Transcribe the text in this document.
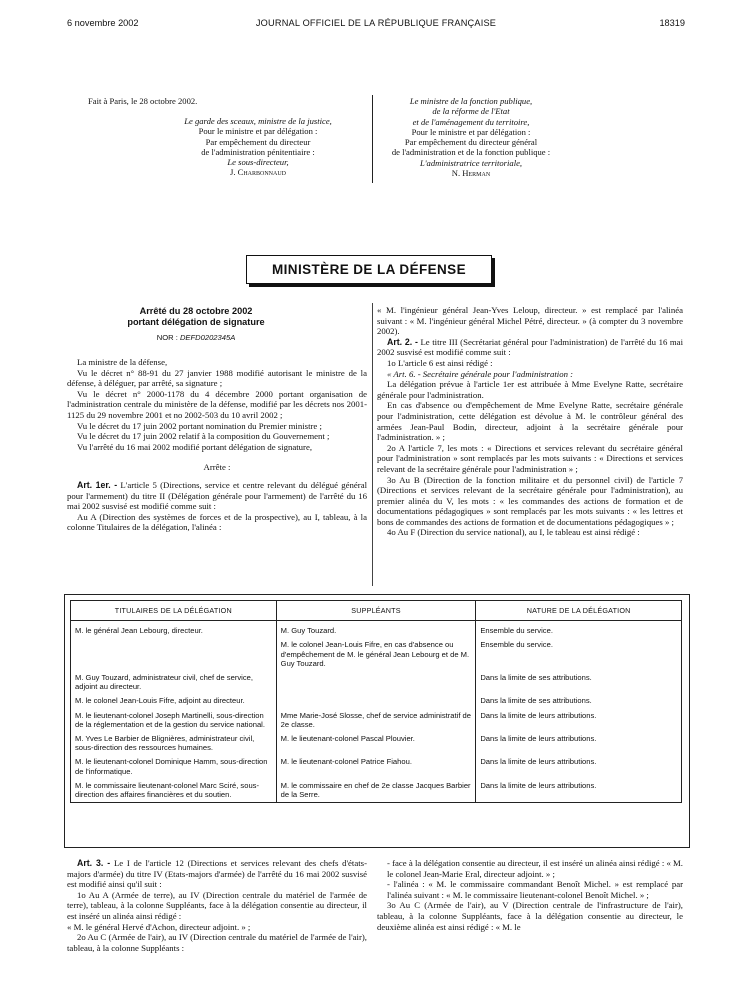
6 novembre 2002	JOURNAL OFFICIEL DE LA RÉPUBLIQUE FRANÇAISE	18319
Fait à Paris, le 28 octobre 2002.
Le garde des sceaux, ministre de la justice,
Pour le ministre et par délégation :
Par empêchement du directeur
de l'administration pénitentiaire :
Le sous-directeur,
J. Charbonnaud
Le ministre de la fonction publique,
de la réforme de l'Etat
et de l'aménagement du territoire,
Pour le ministre et par délégation :
Par empêchement du directeur général
de l'administration et de la fonction publique :
L'administratrice territoriale,
N. Herman
MINISTÈRE DE LA DÉFENSE
Arrêté du 28 octobre 2002
portant délégation de signature
NOR : DEFD0202345A

La ministre de la défense,

Vu le décret n° 88-91 du 27 janvier 1988 modifié autorisant le ministre de la défense, à déléguer, par arrêté, sa signature ;

Vu le décret n° 2000-1178 du 4 décembre 2000 portant organisation de l'administration centrale du ministère de la défense, modifié par les décrets nos 2001-1125 du 29 novembre 2001 et no 2002-503 du 10 avril 2002 ;

Vu le décret du 17 juin 2002 portant nomination du Premier ministre ;

Vu le décret du 17 juin 2002 relatif à la composition du Gouvernement ;

Vu l'arrêté du 16 mai 2002 modifié portant délégation de signature,

Arrête :

Art. 1er. - L'article 5 (Directions, service et centre relevant du délégué général pour l'armement) du titre II (Délégation générale pour l'armement) de l'arrêté du 16 mai 2002 susvisé est modifié comme suit :

Au A (Direction des systèmes de forces et de la prospective), au I, tableau, à la colonne Titulaires de la délégation, l'alinéa :

« M. l'ingénieur général Jean-Yves Leloup, directeur. » est remplacé par l'alinéa suivant : « M. l'ingénieur général Michel Pétré, directeur. » (à compter du 3 novembre 2002).

Art. 2. - Le titre III (Secrétariat général pour l'administration) de l'arrêté du 16 mai 2002 susvisé est modifié comme suit :

1o L'article 6 est ainsi rédigé :

« Art. 6. - Secrétaire générale pour l'administration :

La délégation prévue à l'article 1er est attribuée à Mme Evelyne Ratte, secrétaire générale pour l'administration.

En cas d'absence ou d'empêchement de Mme Evelyne Ratte, secrétaire générale pour l'administration, cette délégation est dévolue à M. le contrôleur général des armées Jean-Paul Bodin, directeur, adjoint à la secrétaire générale pour l'administration. » ;

2o A l'article 7, les mots : « Directions et services relevant du secrétaire général pour l'administration » sont remplacés par les mots suivants : « Directions et services relevant de la secrétaire générale pour l'administration » ;

3o Au B (Direction de la fonction militaire et du personnel civil) de l'article 7 (Directions et services relevant de la secrétaire générale pour l'administration), au premier alinéa du V, les mots : « les commandes des actions de formation et de documentations pédagogiques » sont remplacés par les mots suivants : « les lettres et bons de commandes des actions de formation et de documentations pédagogiques » ;

4o Au F (Direction du service national), au I, le tableau est ainsi rédigé :

TITULAIRES DE LA DÉLÉGATION	SUPPLÉANTS	NATURE DE LA DÉLÉGATION
M. le général Jean Lebourg, directeur.	M. Guy Touzard.	Ensemble du service.
	M. le colonel Jean-Louis Fifre, en cas d'absence ou d'empêchement de M. le général Jean Lebourg et de M. Guy Touzard.	Ensemble du service.
M. Guy Touzard, administrateur civil, chef de service, adjoint au directeur.		Dans la limite de ses attributions.
M. le colonel Jean-Louis Fifre, adjoint au directeur.		Dans la limite de ses attributions.
M. le lieutenant-colonel Joseph Martinelli, sous-direction de la réglementation et de la gestion du service national.	Mme Marie-José Slosse, chef de service administratif de 2e classe.	Dans la limite de leurs attributions.
M. Yves Le Barbier de Blignières, administrateur civil, sous-direction des ressources humaines.	M. le lieutenant-colonel Pascal Plouvier.	Dans la limite de leurs attributions.
M. le lieutenant-colonel Dominique Hamm, sous-direction de l'informatique.	M. le lieutenant-colonel Patrice Fiahou.	Dans la limite de leurs attributions.
M. le commissaire lieutenant-colonel Marc Sciré, sous-direction des affaires financières et du soutien.	M. le commissaire en chef de 2e classe Jacques Barbier de la Serre.	Dans la limite de leurs attributions.

Art. 3. - Le I de l'article 12 (Directions et services relevant des chefs d'états-majors d'armée) du titre IV (Etats-majors d'armée) de l'arrêté du 16 mai 2002 susvisé est modifié ainsi qu'il suit :

1o Au A (Armée de terre), au IV (Direction centrale du matériel de l'armée de terre), tableau, à la colonne Suppléants, face à la délégation consentie au directeur, il est inséré un alinéa ainsi rédigé :

« M. le général Hervé d'Achon, directeur adjoint. » ;

2o Au C (Armée de l'air), au IV (Direction centrale du matériel de l'armée de l'air), tableau, à la colonne Suppléants :

- face à la délégation consentie au directeur, il est inséré un alinéa ainsi rédigé : « M. le colonel Jean-Marie Eral, directeur adjoint. » ;

- l'alinéa : « M. le commissaire commandant Benoît Michel. » est remplacé par l'alinéa suivant : « M. le commissaire lieutenant-colonel Benoît Michel. » ;

3o Au C (Armée de l'air), au V (Direction centrale de l'infrastructure de l'air), tableau, à la colonne Suppléants, face à la délégation consentie au directeur, le deuxième alinéa est ainsi rédigé : « M. le
